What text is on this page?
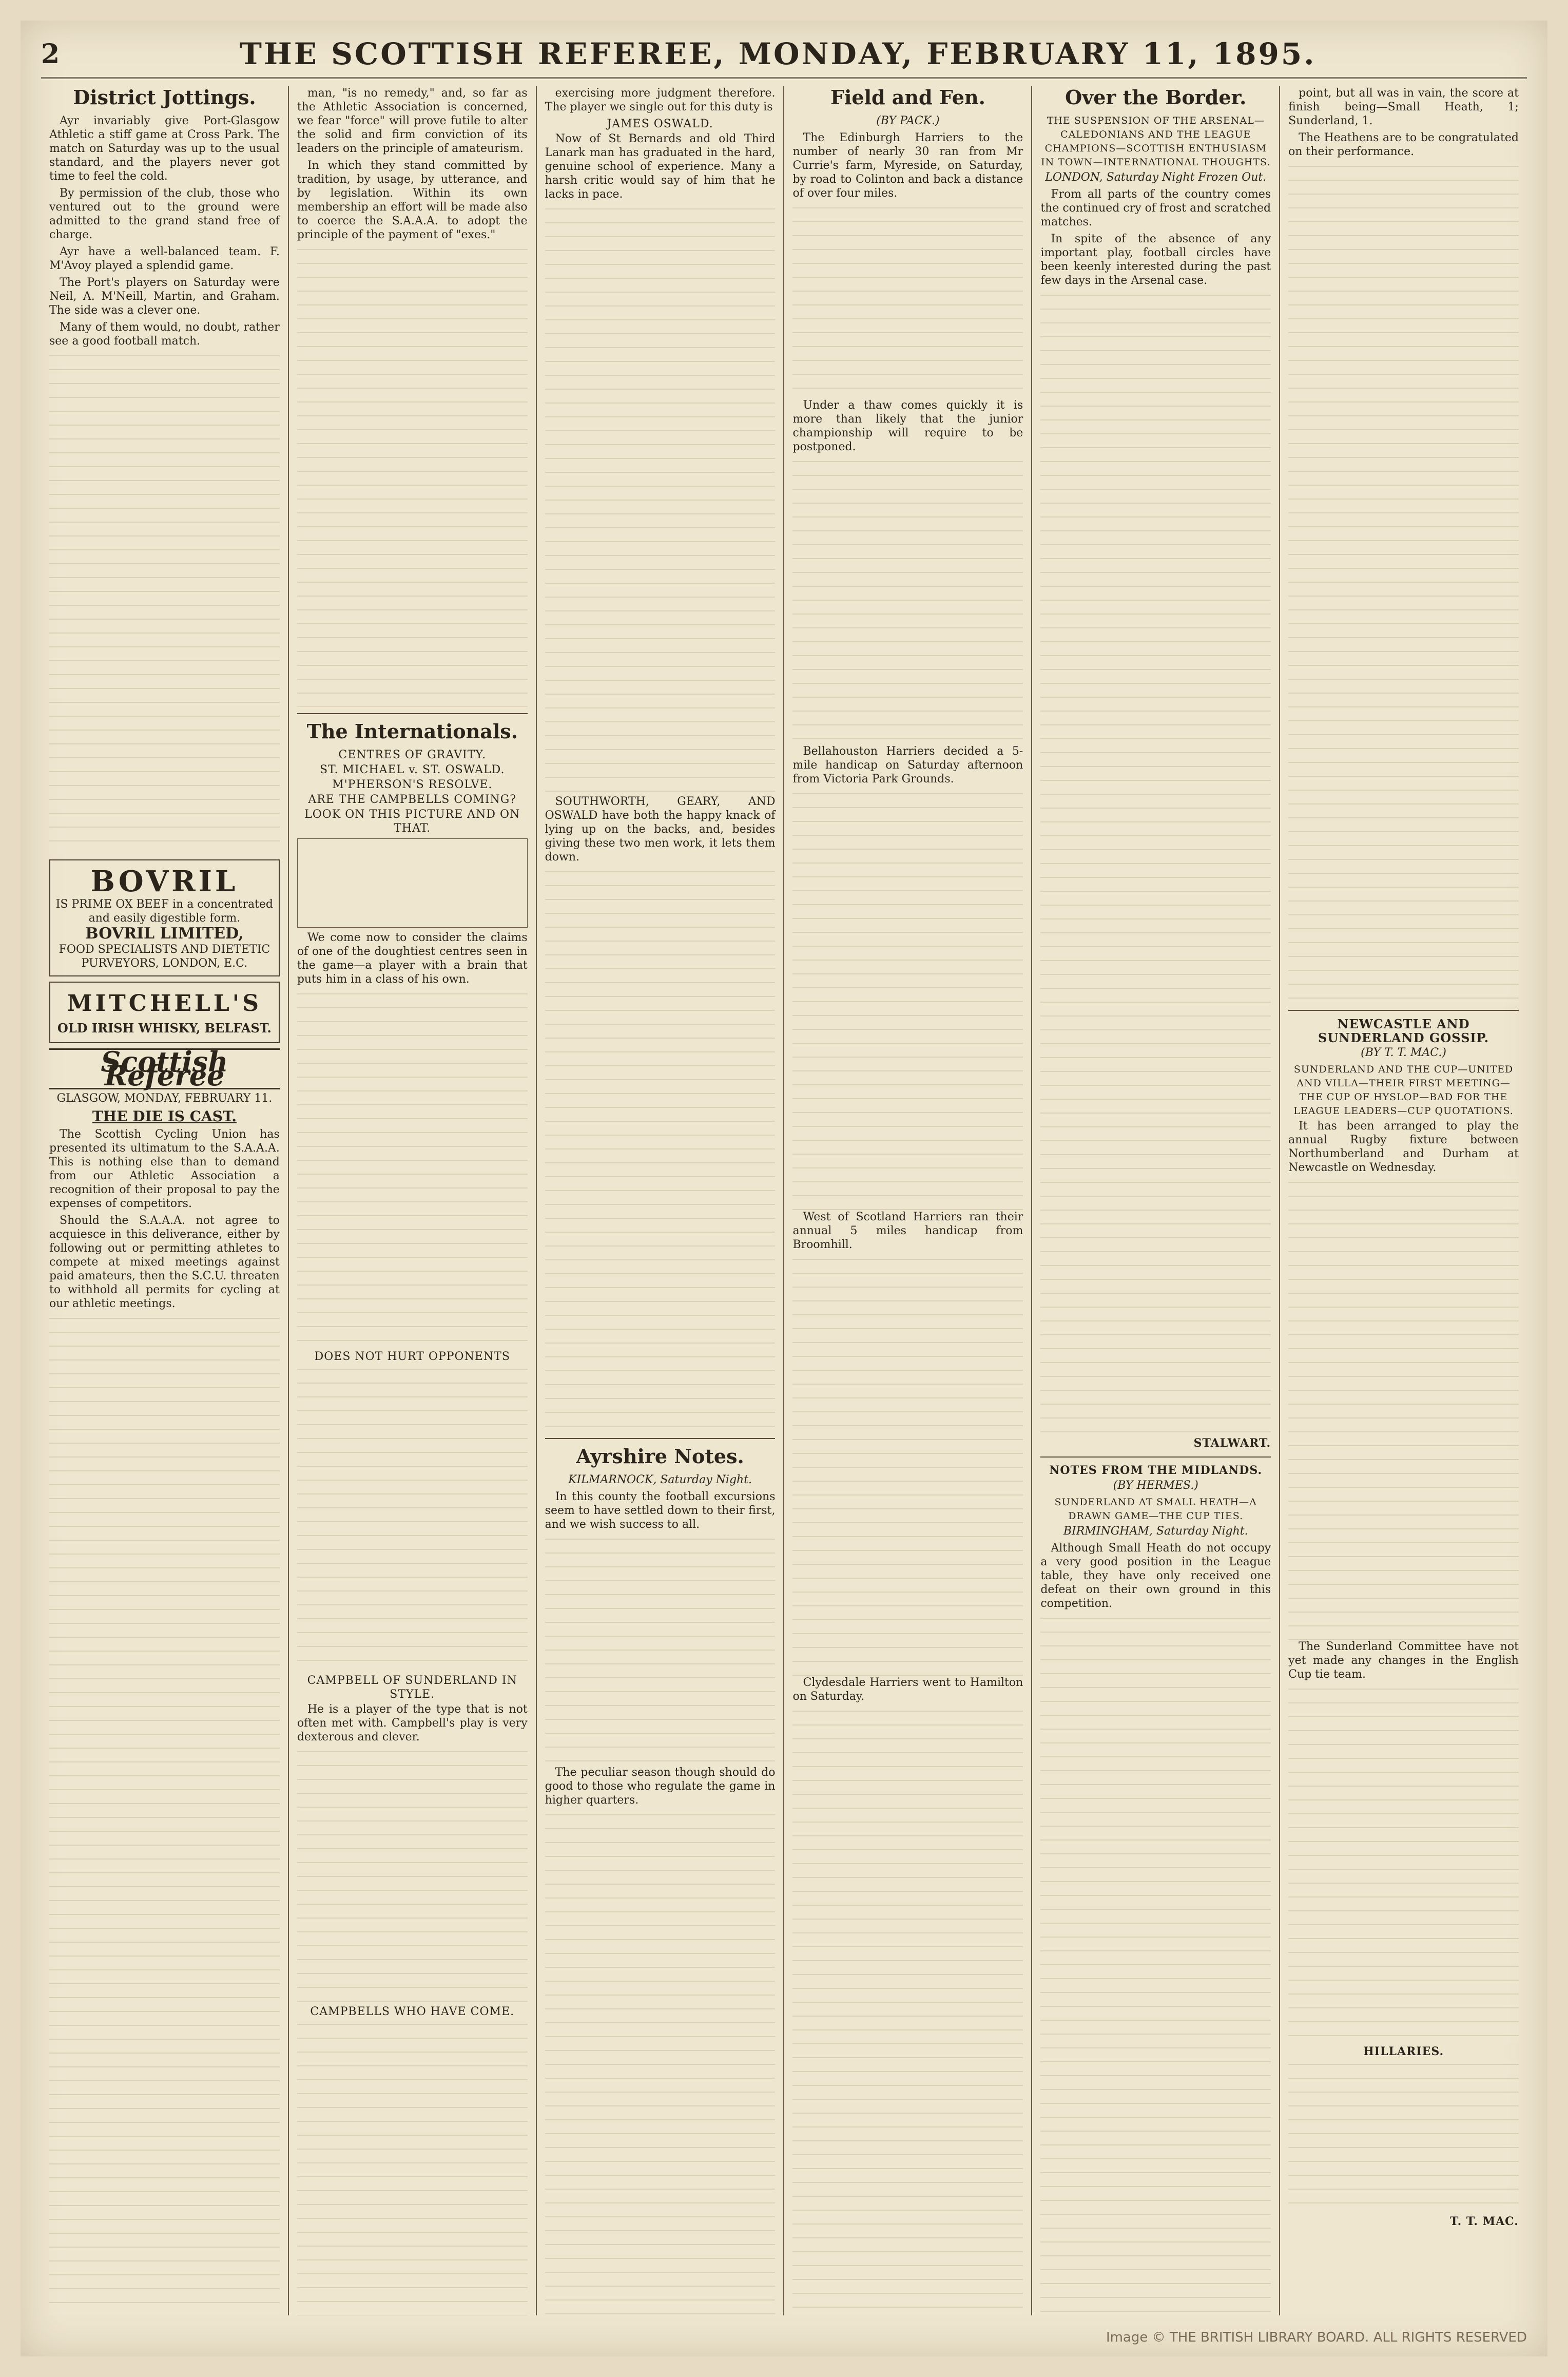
2	THE SCOTTISH REFEREE, MONDAY, FEBRUARY 11, 1895.
District Jottings.

Ayr invariably give Port-Glasgow Athletic a stiff game at Cross Park. The match on Saturday was up to the usual standard, and the players never got time to feel the cold.

By permission of the club, those who ventured out to the ground were admitted to the grand stand free of charge.

Ayr have a well-balanced team. F. M'Avoy played a splendid game.

The Port's players on Saturday were Neil, A. M'Neill, Martin, and Graham. The side was a clever one.

Many of them would, no doubt, rather see a good football match.

BOVRIL
IS PRIME OX BEEF in a concentrated and easily digestible form.
BOVRIL LIMITED,
FOOD SPECIALISTS AND DIETETIC PURVEYORS, LONDON, E.C.
MITCHELL'S
OLD IRISH WHISKY, BELFAST.
Scottish Referee
GLASGOW, MONDAY, FEBRUARY 11.
THE DIE IS CAST.

The Scottish Cycling Union has presented its ultimatum to the S.A.A.A. This is nothing else than to demand from our Athletic Association a recognition of their proposal to pay the expenses of competitors.

Should the S.A.A.A. not agree to acquiesce in this deliverance, either by following out or permitting athletes to compete at mixed meetings against paid amateurs, then the S.C.U. threaten to withhold all permits for cycling at our athletic meetings.

man, "is no remedy," and, so far as the Athletic Association is concerned, we fear "force" will prove futile to alter the solid and firm conviction of its leaders on the principle of amateurism.

In which they stand committed by tradition, by usage, by utterance, and by legislation. Within its own membership an effort will be made also to coerce the S.A.A.A. to adopt the principle of the payment of "exes."

The Internationals.
CENTRES OF GRAVITY.
ST. MICHAEL v. ST. OSWALD.
M'PHERSON'S RESOLVE.
ARE THE CAMPBELLS COMING?
LOOK ON THIS PICTURE AND ON THAT.

We come now to consider the claims of one of the doughtiest centres seen in the game—a player with a brain that puts him in a class of his own.

DOES NOT HURT OPPONENTS
CAMPBELL OF SUNDERLAND IN STYLE.

He is a player of the type that is not often met with. Campbell's play is very dexterous and clever.

CAMPBELLS WHO HAVE COME.

exercising more judgment therefore. The player we single out for this duty is

JAMES OSWALD.

Now of St Bernards and old Third Lanark man has graduated in the hard, genuine school of experience. Many a harsh critic would say of him that he lacks in pace.

SOUTHWORTH, GEARY, AND OSWALD have both the happy knack of lying up on the backs, and, besides giving these two men work, it lets them down.

Ayrshire Notes.
KILMARNOCK, Saturday Night.

In this county the football excursions seem to have settled down to their first, and we wish success to all.

The peculiar season though should do good to those who regulate the game in higher quarters.

Field and Fen.
(BY PACK.)

The Edinburgh Harriers to the number of nearly 30 ran from Mr Currie's farm, Myreside, on Saturday, by road to Colinton and back a distance of over four miles.

Under a thaw comes quickly it is more than likely that the junior championship will require to be postponed.

Bellahouston Harriers decided a 5-mile handicap on Saturday afternoon from Victoria Park Grounds.

West of Scotland Harriers ran their annual 5 miles handicap from Broomhill.

Clydesdale Harriers went to Hamilton on Saturday.

Over the Border.
THE SUSPENSION OF THE ARSENAL—CALEDONIANS AND THE LEAGUE CHAMPIONS—SCOTTISH ENTHUSIASM IN TOWN—INTERNATIONAL THOUGHTS.
LONDON, Saturday Night Frozen Out.

From all parts of the country comes the continued cry of frost and scratched matches.

In spite of the absence of any important play, football circles have been keenly interested during the past few days in the Arsenal case.

STALWART.
NOTES FROM THE MIDLANDS.
(BY HERMES.)
SUNDERLAND AT SMALL HEATH—A DRAWN GAME—THE CUP TIES.
BIRMINGHAM, Saturday Night.

Although Small Heath do not occupy a very good position in the League table, they have only received one defeat on their own ground in this competition.

point, but all was in vain, the score at finish being—Small Heath, 1; Sunderland, 1.

The Heathens are to be congratulated on their performance.

NEWCASTLE AND SUNDERLAND GOSSIP.
(BY T. T. MAC.)
SUNDERLAND AND THE CUP—UNITED AND VILLA—THEIR FIRST MEETING—THE CUP OF HYSLOP—BAD FOR THE LEAGUE LEADERS—CUP QUOTATIONS.

It has been arranged to play the annual Rugby fixture between Northumberland and Durham at Newcastle on Wednesday.

The Sunderland Committee have not yet made any changes in the English Cup tie team.

HILLARIES.
T. T. MAC.
Image © THE BRITISH LIBRARY BOARD. ALL RIGHTS RESERVED
